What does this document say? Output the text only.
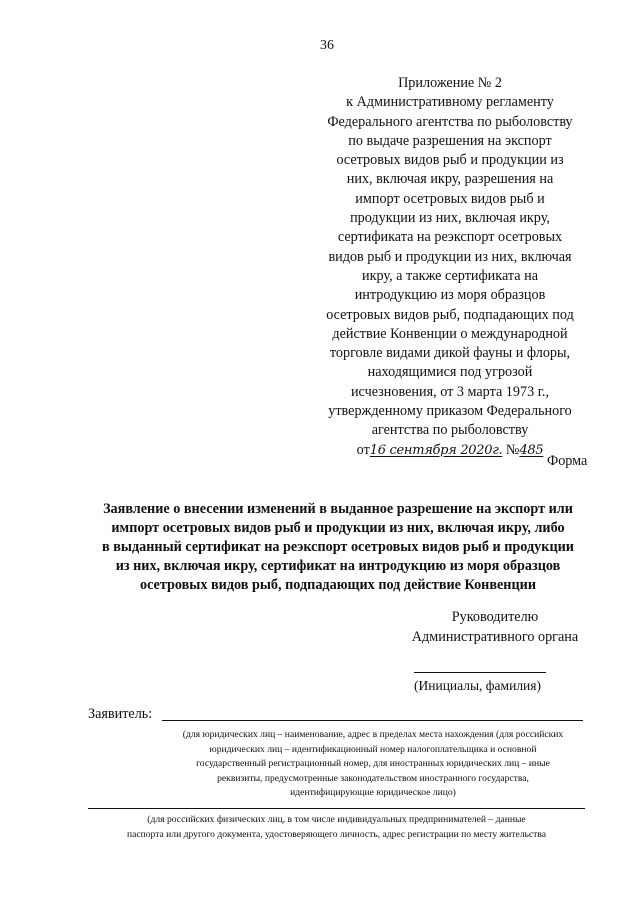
36
Приложение № 2
к Административному регламенту
Федерального агентства по рыболовству
по выдаче разрешения на экспорт
осетровых видов рыб и продукции из
них, включая икру, разрешения на
импорт осетровых видов рыб и
продукции из них, включая икру,
сертификата на реэкспорт осетровых
видов рыб и продукции из них, включая
икру, а также сертификата на
интродукцию из моря образцов
осетровых видов рыб, подпадающих под
действие Конвенции о международной
торговле видами дикой фауны и флоры,
находящимися под угрозой
исчезновения, от 3 марта 1973 г.,
утвержденному приказом Федерального
агентства по рыболовству
от16 сентября 2020г. №485
Форма
Заявление о внесении изменений в выданное разрешение на экспорт или
импорт осетровых видов рыб и продукции из них, включая икру, либо
в выданный сертификат на реэкспорт осетровых видов рыб и продукции
из них, включая икру, сертификат на интродукцию из моря образцов
осетровых видов рыб, подпадающих под действие Конвенции
Руководителю
Административного органа
(Инициалы, фамилия)
Заявитель:
(для юридических лиц – наименование, адрес в пределах места нахождения (для российских
юридических лиц – идентификационный номер налогоплательщика и основной
государственный регистрационный номер, для иностранных юридических лиц – иные
реквизиты, предусмотренные законодательством иностранного государства,
идентифицирующие юридическое лицо)
(для российских физических лиц, в том числе индивидуальных предпринимателей – данные
паспорта или другого документа, удостоверяющего личность, адрес регистрации по месту жительства
